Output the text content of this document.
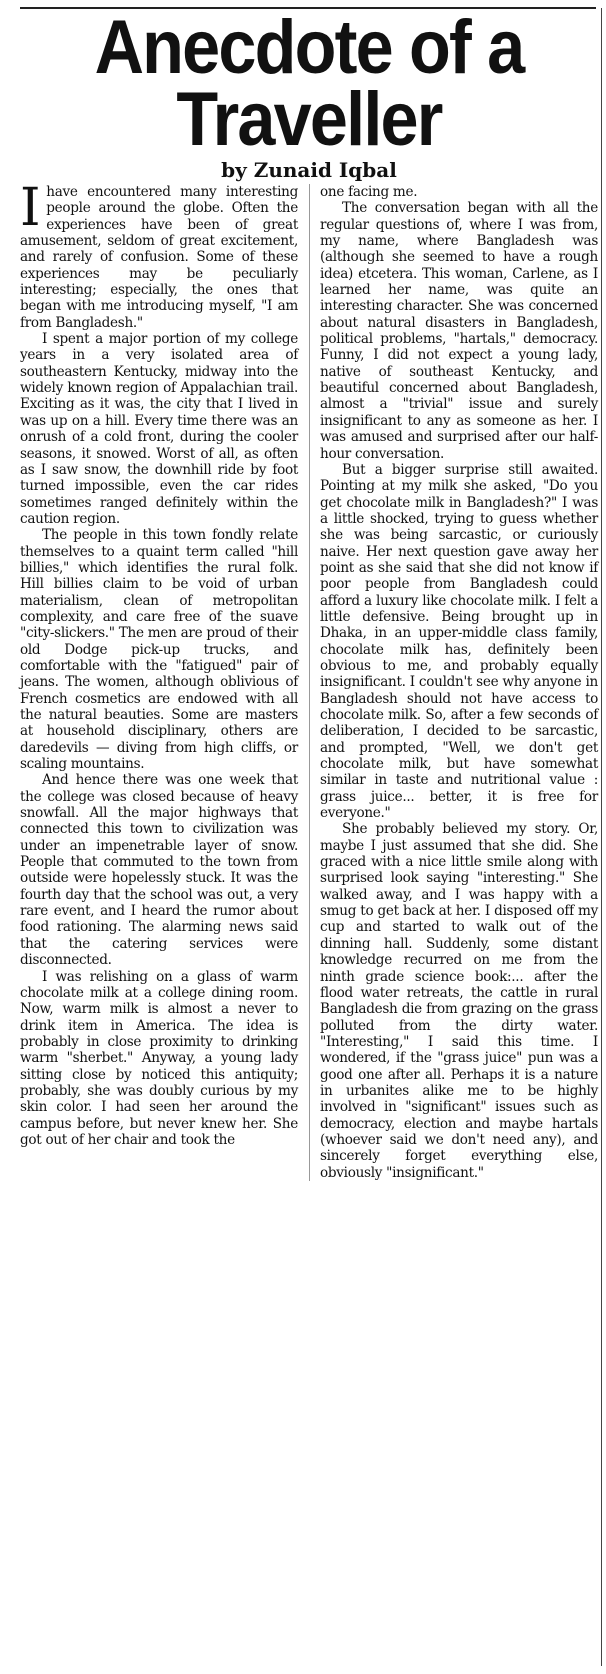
Anecdote of a
Traveller
by Zunaid Iqbal

I have encountered many interesting people around the globe. Often the experiences have been of great amusement, seldom of great excitement, and rarely of confusion. Some of these experiences may be peculiarly interesting; especially, the ones that began with me introducing myself, "I am from Bangladesh."

I spent a major portion of my college years in a very isolated area of southeastern Kentucky, midway into the widely known region of Appalachian trail. Exciting as it was, the city that I lived in was up on a hill. Every time there was an onrush of a cold front, during the cooler seasons, it snowed. Worst of all, as often as I saw snow, the downhill ride by foot turned impossible, even the car rides sometimes ranged definitely within the caution region.

The people in this town fondly relate themselves to a quaint term called "hill billies," which identifies the rural folk. Hill billies claim to be void of urban materialism, clean of metropolitan complexity, and care free of the suave "city-slickers." The men are proud of their old Dodge pick-up trucks, and comfortable with the "fatigued" pair of jeans. The women, although oblivious of French cosmetics are endowed with all the natural beauties. Some are masters at household disciplinary, others are daredevils — diving from high cliffs, or scaling mountains.

And hence there was one week that the college was closed because of heavy snowfall. All the major highways that connected this town to civilization was under an impenetrable layer of snow. People that commuted to the town from outside were hopelessly stuck. It was the fourth day that the school was out, a very rare event, and I heard the rumor about food rationing. The alarming news said that the catering services were disconnected.

I was relishing on a glass of warm chocolate milk at a college dining room. Now, warm milk is almost a never to drink item in America. The idea is probably in close proximity to drinking warm "sherbet." Anyway, a young lady sitting close by noticed this antiquity; probably, she was doubly curious by my skin color. I had seen her around the campus before, but never knew her. She got out of her chair and took the

one facing me.

The conversation began with all the regular questions of, where I was from, my name, where Bangladesh was (although she seemed to have a rough idea) etcetera. This woman, Carlene, as I learned her name, was quite an interesting character. She was concerned about natural disasters in Bangladesh, political problems, "hartals," democracy. Funny, I did not expect a young lady, native of southeast Kentucky, and beautiful concerned about Bangladesh, almost a "trivial" issue and surely insignificant to any as someone as her. I was amused and surprised after our half-hour conversation.

But a bigger surprise still awaited. Pointing at my milk she asked, "Do you get chocolate milk in Bangladesh?" I was a little shocked, trying to guess whether she was being sarcastic, or curiously naive. Her next question gave away her point as she said that she did not know if poor people from Bangladesh could afford a luxury like chocolate milk. I felt a little defensive. Being brought up in Dhaka, in an upper-middle class family, chocolate milk has, definitely been obvious to me, and probably equally insignificant. I couldn't see why anyone in Bangladesh should not have access to chocolate milk. So, after a few seconds of deliberation, I decided to be sarcastic, and prompted, "Well, we don't get chocolate milk, but have somewhat similar in taste and nutritional value : grass juice... better, it is free for everyone."

She probably believed my story. Or, maybe I just assumed that she did. She graced with a nice little smile along with surprised look saying "interesting." She walked away, and I was happy with a smug to get back at her. I disposed off my cup and started to walk out of the dinning hall. Suddenly, some distant knowledge recurred on me from the ninth grade science book:... after the flood water retreats, the cattle in rural Bangladesh die from grazing on the grass polluted from the dirty water. "Interesting," I said this time. I wondered, if the "grass juice" pun was a good one after all. Perhaps it is a nature in urbanites alike me to be highly involved in "significant" issues such as democracy, election and maybe hartals (whoever said we don't need any), and sincerely forget everything else, obviously "insignificant."
